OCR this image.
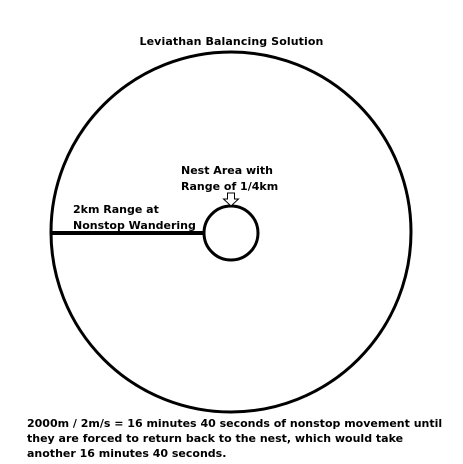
Leviathan Balancing Solution
Nest Area with
Range of 1/4km
2km Range at
Nonstop Wandering
2000m / 2m/s = 16 minutes 40 seconds of nonstop movement until
they are forced to return back to the nest, which would take
another 16 minutes 40 seconds.
